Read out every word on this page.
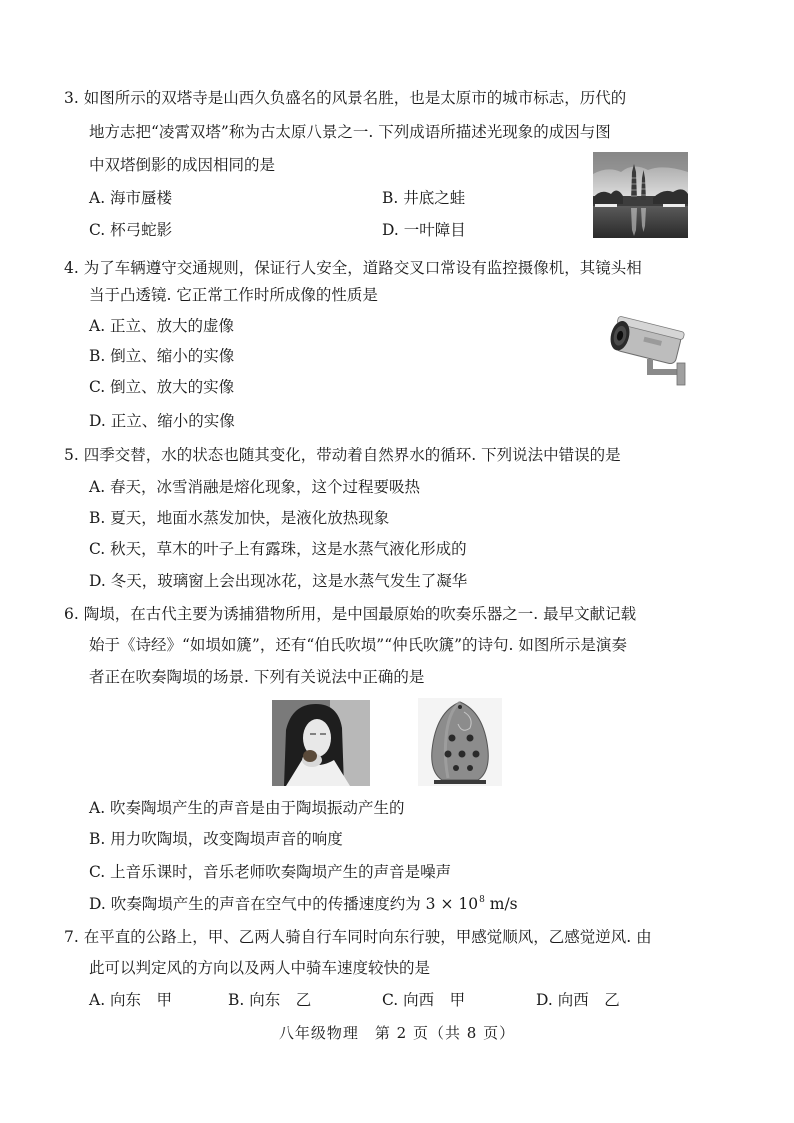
3. 如图所示的双塔寺是山西久负盛名的风景名胜，也是太原市的城市标志，历代的
地方志把“凌霄双塔”称为古太原八景之一. 下列成语所描述光现象的成因与图
中双塔倒影的成因相同的是
A. 海市蜃楼	B. 井底之蛙
C. 杯弓蛇影	D. 一叶障目
4. 为了车辆遵守交通规则，保证行人安全，道路交叉口常设有监控摄像机，其镜头相
当于凸透镜. 它正常工作时所成像的性质是
A. 正立、放大的虚像
B. 倒立、缩小的实像
C. 倒立、放大的实像
D. 正立、缩小的实像
5. 四季交替，水的状态也随其变化，带动着自然界水的循环. 下列说法中错误的是
A. 春天，冰雪消融是熔化现象，这个过程要吸热
B. 夏天，地面水蒸发加快，是液化放热现象
C. 秋天，草木的叶子上有露珠，这是水蒸气液化形成的
D. 冬天，玻璃窗上会出现冰花，这是水蒸气发生了凝华
6. 陶埙，在古代主要为诱捕猎物所用，是中国最原始的吹奏乐器之一. 最早文献记载
始于《诗经》“如埙如篪”，还有“伯氏吹埙”“仲氏吹篪”的诗句. 如图所示是演奏
者正在吹奏陶埙的场景. 下列有关说法中正确的是
A. 吹奏陶埙产生的声音是由于陶埙振动产生的
B. 用力吹陶埙，改变陶埙声音的响度
C. 上音乐课时，音乐老师吹奏陶埙产生的声音是噪声
D. 吹奏陶埙产生的声音在空气中的传播速度约为 $3 \times 10^8$ m/s
7. 在平直的公路上，甲、乙两人骑自行车同时向东行驶，甲感觉顺风，乙感觉逆风. 由
此可以判定风的方向以及两人中骑车速度较快的是
A. 向东　甲	B. 向东　乙	C. 向西　甲	D. 向西　乙
八年级物理　第 2 页（共 8 页）
